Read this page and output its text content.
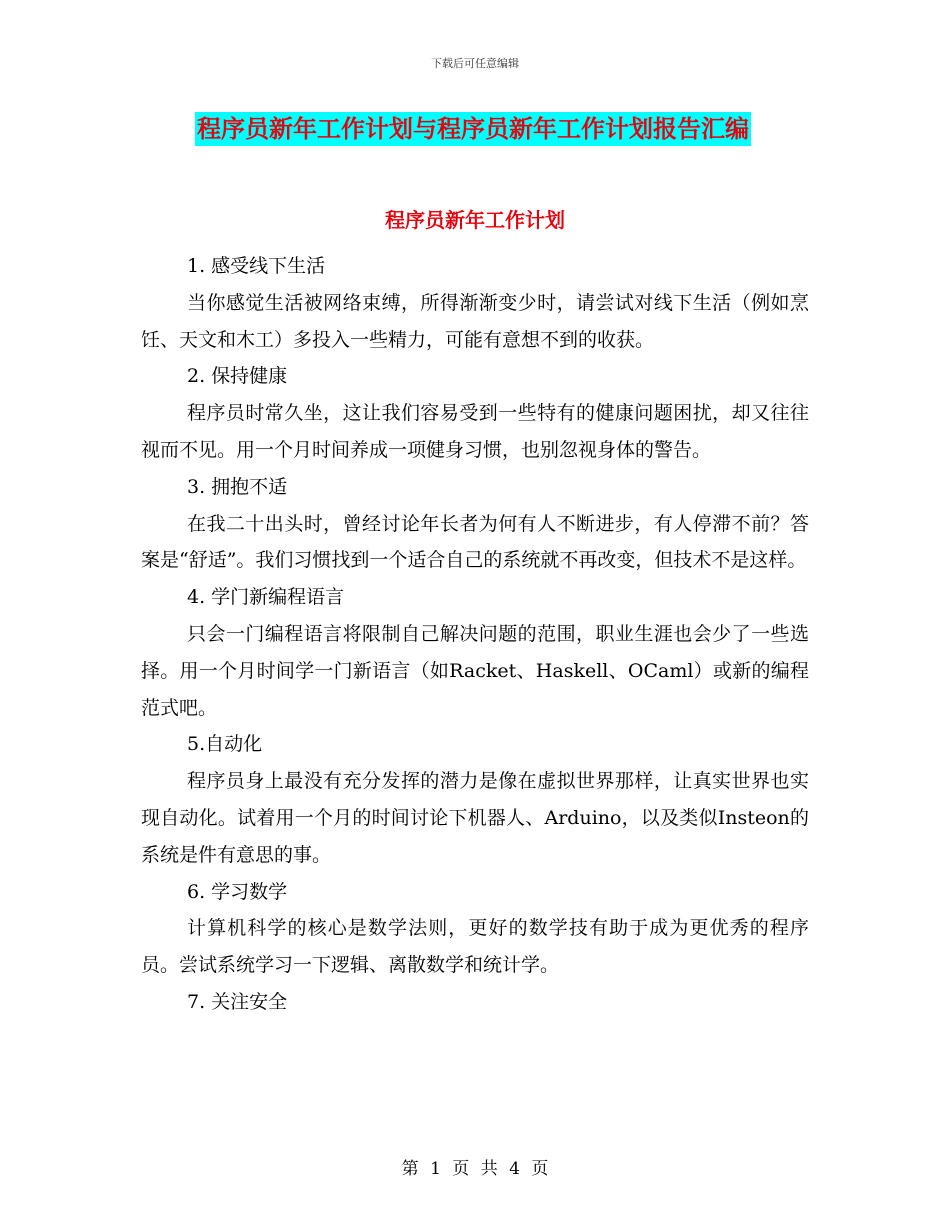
下载后可任意编辑
程序员新年工作计划与程序员新年工作计划报告汇编
程序员新年工作计划

1. 感受线下生活

当你感觉生活被网络束缚，所得渐渐变少时，请尝试对线下生活（例如烹饪、天文和木工）多投入一些精力，可能有意想不到的收获。

2. 保持健康

程序员时常久坐，这让我们容易受到一些特有的健康问题困扰，却又往往视而不见。用一个月时间养成一项健身习惯，也别忽视身体的警告。

3. 拥抱不适

在我二十出头时，曾经讨论年长者为何有人不断进步，有人停滞不前？答案是“舒适”。我们习惯找到一个适合自己的系统就不再改变，但技术不是这样。

4. 学门新编程语言

只会一门编程语言将限制自己解决问题的范围，职业生涯也会少了一些选择。用一个月时间学一门新语言（如Racket、Haskell、OCaml）或新的编程范式吧。

5.自动化

程序员身上最没有充分发挥的潜力是像在虚拟世界那样，让真实世界也实现自动化。试着用一个月的时间讨论下机器人、Arduino，以及类似Insteon的系统是件有意思的事。

6. 学习数学

计算机科学的核心是数学法则，更好的数学技有助于成为更优秀的程序员。尝试系统学习一下逻辑、离散数学和统计学。

7. 关注安全

第 1 页 共 4 页
